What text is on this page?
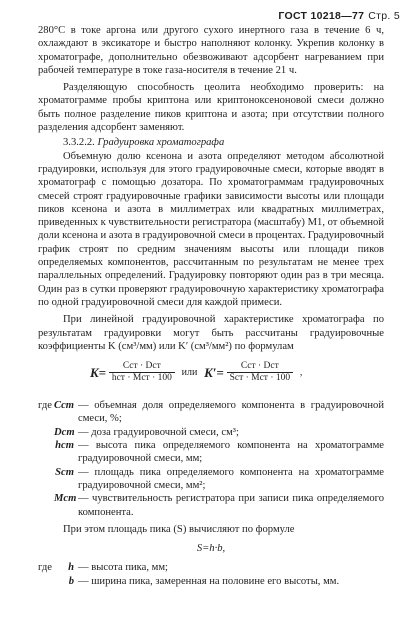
ГОСТ 10218—77 Стр. 5

280°С в токе аргона или другого сухого инертного газа в течение 6 ч, охлаждают в эксикаторе и быстро наполняют колонку. Укрепив колонку в хроматографе, дополнительно обезвоживают адсорбент нагреванием при рабочей температуре в токе газа-носителя в течение 21 ч.

Разделяющую способность цеолита необходимо проверить: на хроматограмме пробы криптона или криптоноксеноновой смеси должно быть полное разделение пиков криптона и азота; при отсутствии полного разделения адсорбент заменяют.

3.3.2.2. Градуировка хроматографа

Объемную долю ксенона и азота определяют методом абсолютной градуировки, используя для этого градуировочные смеси, которые вводят в хроматограф с помощью дозатора. По хроматограммам градуировочных смесей строят градуировочные графики зависимости высоты или площади пиков ксенона и азота в миллиметрах или квадратных миллиметрах, приведенных к чувствительности регистратора (масштабу) М1, от объемной доли ксенона и азота в градуировочной смеси в процентах. Градуировочный график строят по средним значениям высоты или площади пиков определяемых компонентов, рассчитанным по результатам не менее трех параллельных определений. Градуировку повторяют один раз в три месяца. Один раз в сутки проверяют градуировочную характеристику хроматографа по одной градуировочной смеси для каждой примеси.

При линейной градуировочной характеристике хроматографа по результатам градуировки могут быть рассчитаны градуировочные коэффициенты K (см³/мм) или K′ (см³/мм²) по формулам

$K= \frac{\text{Cст · Dст}}{\text{hст · Mст · 100}}$ или $K'= \frac{\text{Cст · Dст}}{\text{Sст · Mст · 100}}$ ,
где Cст — объемная доля определяемого компонента в градуировочной смеси, %;
Dст — доза градуировочной смеси, см³;
hст — высота пика определяемого компонента на хроматограмме градуировочной смеси, мм;
Sст — площадь пика определяемого компонента на хроматограмме градуировочной смеси, мм²;
Mст — чувствительность регистратора при записи пика определяемого компонента.

При этом площадь пика (S) вычисляют по формуле

S=h·b,
где	h — высота пика, мм;
b — ширина пика, замеренная на половине его высоты, мм.
